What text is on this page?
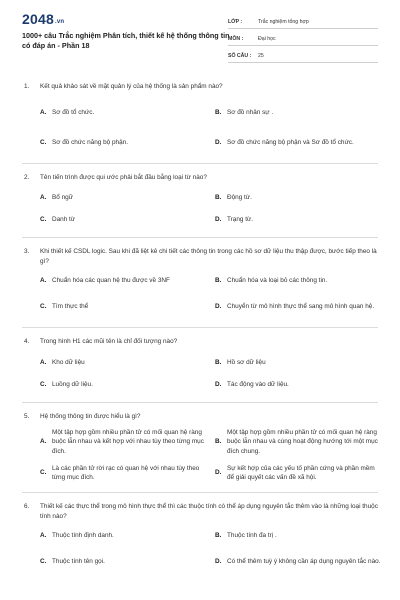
2048.vn
1000+ câu Trắc nghiệm Phân tích, thiết kế hệ thống thông tin có đáp án - Phần 18
LỚP :	Trắc nghiệm tổng hợp
MÔN :	Đại học
SỐ CÂU :	25
1.	Kết quả khảo sát về mặt quản lý của hệ thống là sản phẩm nào?
A. Sơ đồ tổ chức.	B. Sơ đồ nhân sự .
C. Sơ đồ chức năng bộ phận.	D. Sơ đồ chức năng bộ phận và Sơ đồ tổ chức.
2.	Tên tiến trình được qui ước phải bắt đầu bằng loại từ nào?
A. Bổ ngữ	B. Động từ.
C. Danh từ	D. Trạng từ.
3.	Khi thiết kế CSDL logic. Sau khi đã liệt kê chi tiết các thông tin trong các hồ sơ dữ liệu thu thập được, bước tiếp theo là gì?
A. Chuẩn hóa các quan hệ thu được về 3NF	B. Chuẩn hóa và loại bỏ các thông tin.
C. Tìm thực thể	D. Chuyển từ mô hình thực thể sang mô hình quan hệ.
4.	Trong hình H1 các mũi tên là chỉ đối tượng nào?
A. Kho dữ liệu	B. Hồ sơ dữ liệu
C. Luồng dữ liệu.	D. Tác động vào dữ liệu.
5.	Hệ thống thông tin được hiểu là gì?
A.
Một tập hợp gồm nhiều phần tử có mối quan hệ ràng buộc lẫn nhau và kết hợp với nhau tùy theo từng mục đích.
B.
Một tập hợp gồm nhiều phần tử có mối quan hệ ràng buộc lẫn nhau và cùng hoạt động hướng tới một mục đích chung.
C.
Là các phần tử rời rạc có quan hệ với nhau tùy theo từng mục đích.
D.
Sự kết hợp của các yếu tố phần cứng và phần mềm để giải quyết các vấn đề xã hội.
6.	Thiết kế các thực thể trong mô hình thực thể thì các thuộc tính có thể áp dụng nguyên tắc thêm vào là những loại thuộc tính nào?
A. Thuộc tính định danh.	B. Thuộc tính đa trị .
C. Thuộc tính tên gọi.	D. Có thể thêm tuỳ ý không cần áp dụng nguyên tắc nào.
